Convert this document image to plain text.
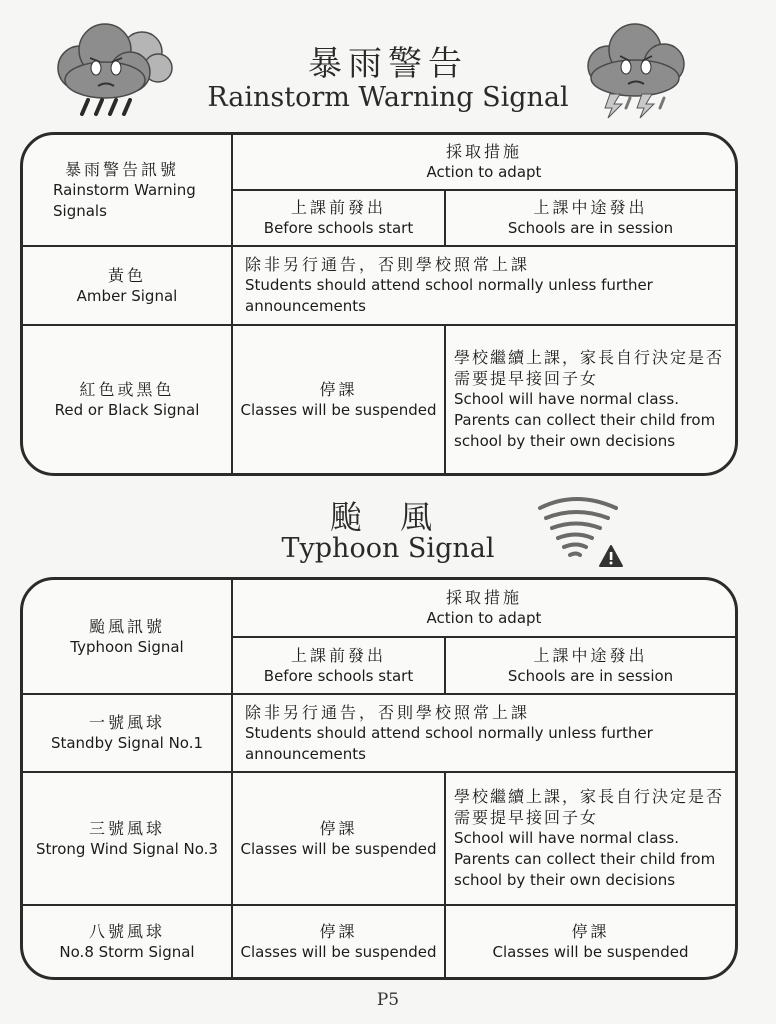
暴雨警告
Rainstorm Warning Signal
暴雨警告訊號
Rainstorm Warning Signals
採取措施
Action to adapt
上課前發出
Before schools start
上課中途發出
Schools are in session
黃色
Amber Signal
除非另行通告，否則學校照常上課
Students should attend school normally unless further announcements
紅色或黑色
Red or Black Signal
停課
Classes will be suspended
學校繼續上課，家長自行決定是否需要提早接回子女
School will have normal class. Parents can collect their child from school by their own decisions
颱 風
Typhoon Signal
颱風訊號
Typhoon Signal
採取措施
Action to adapt
上課前發出
Before schools start
上課中途發出
Schools are in session
一號風球
Standby Signal No.1
除非另行通告，否則學校照常上課
Students should attend school normally unless further announcements
三號風球
Strong Wind Signal No.3
停課
Classes will be suspended
學校繼續上課，家長自行決定是否需要提早接回子女
School will have normal class. Parents can collect their child from school by their own decisions
八號風球
No.8 Storm Signal
停課
Classes will be suspended
停課
Classes will be suspended
P5
